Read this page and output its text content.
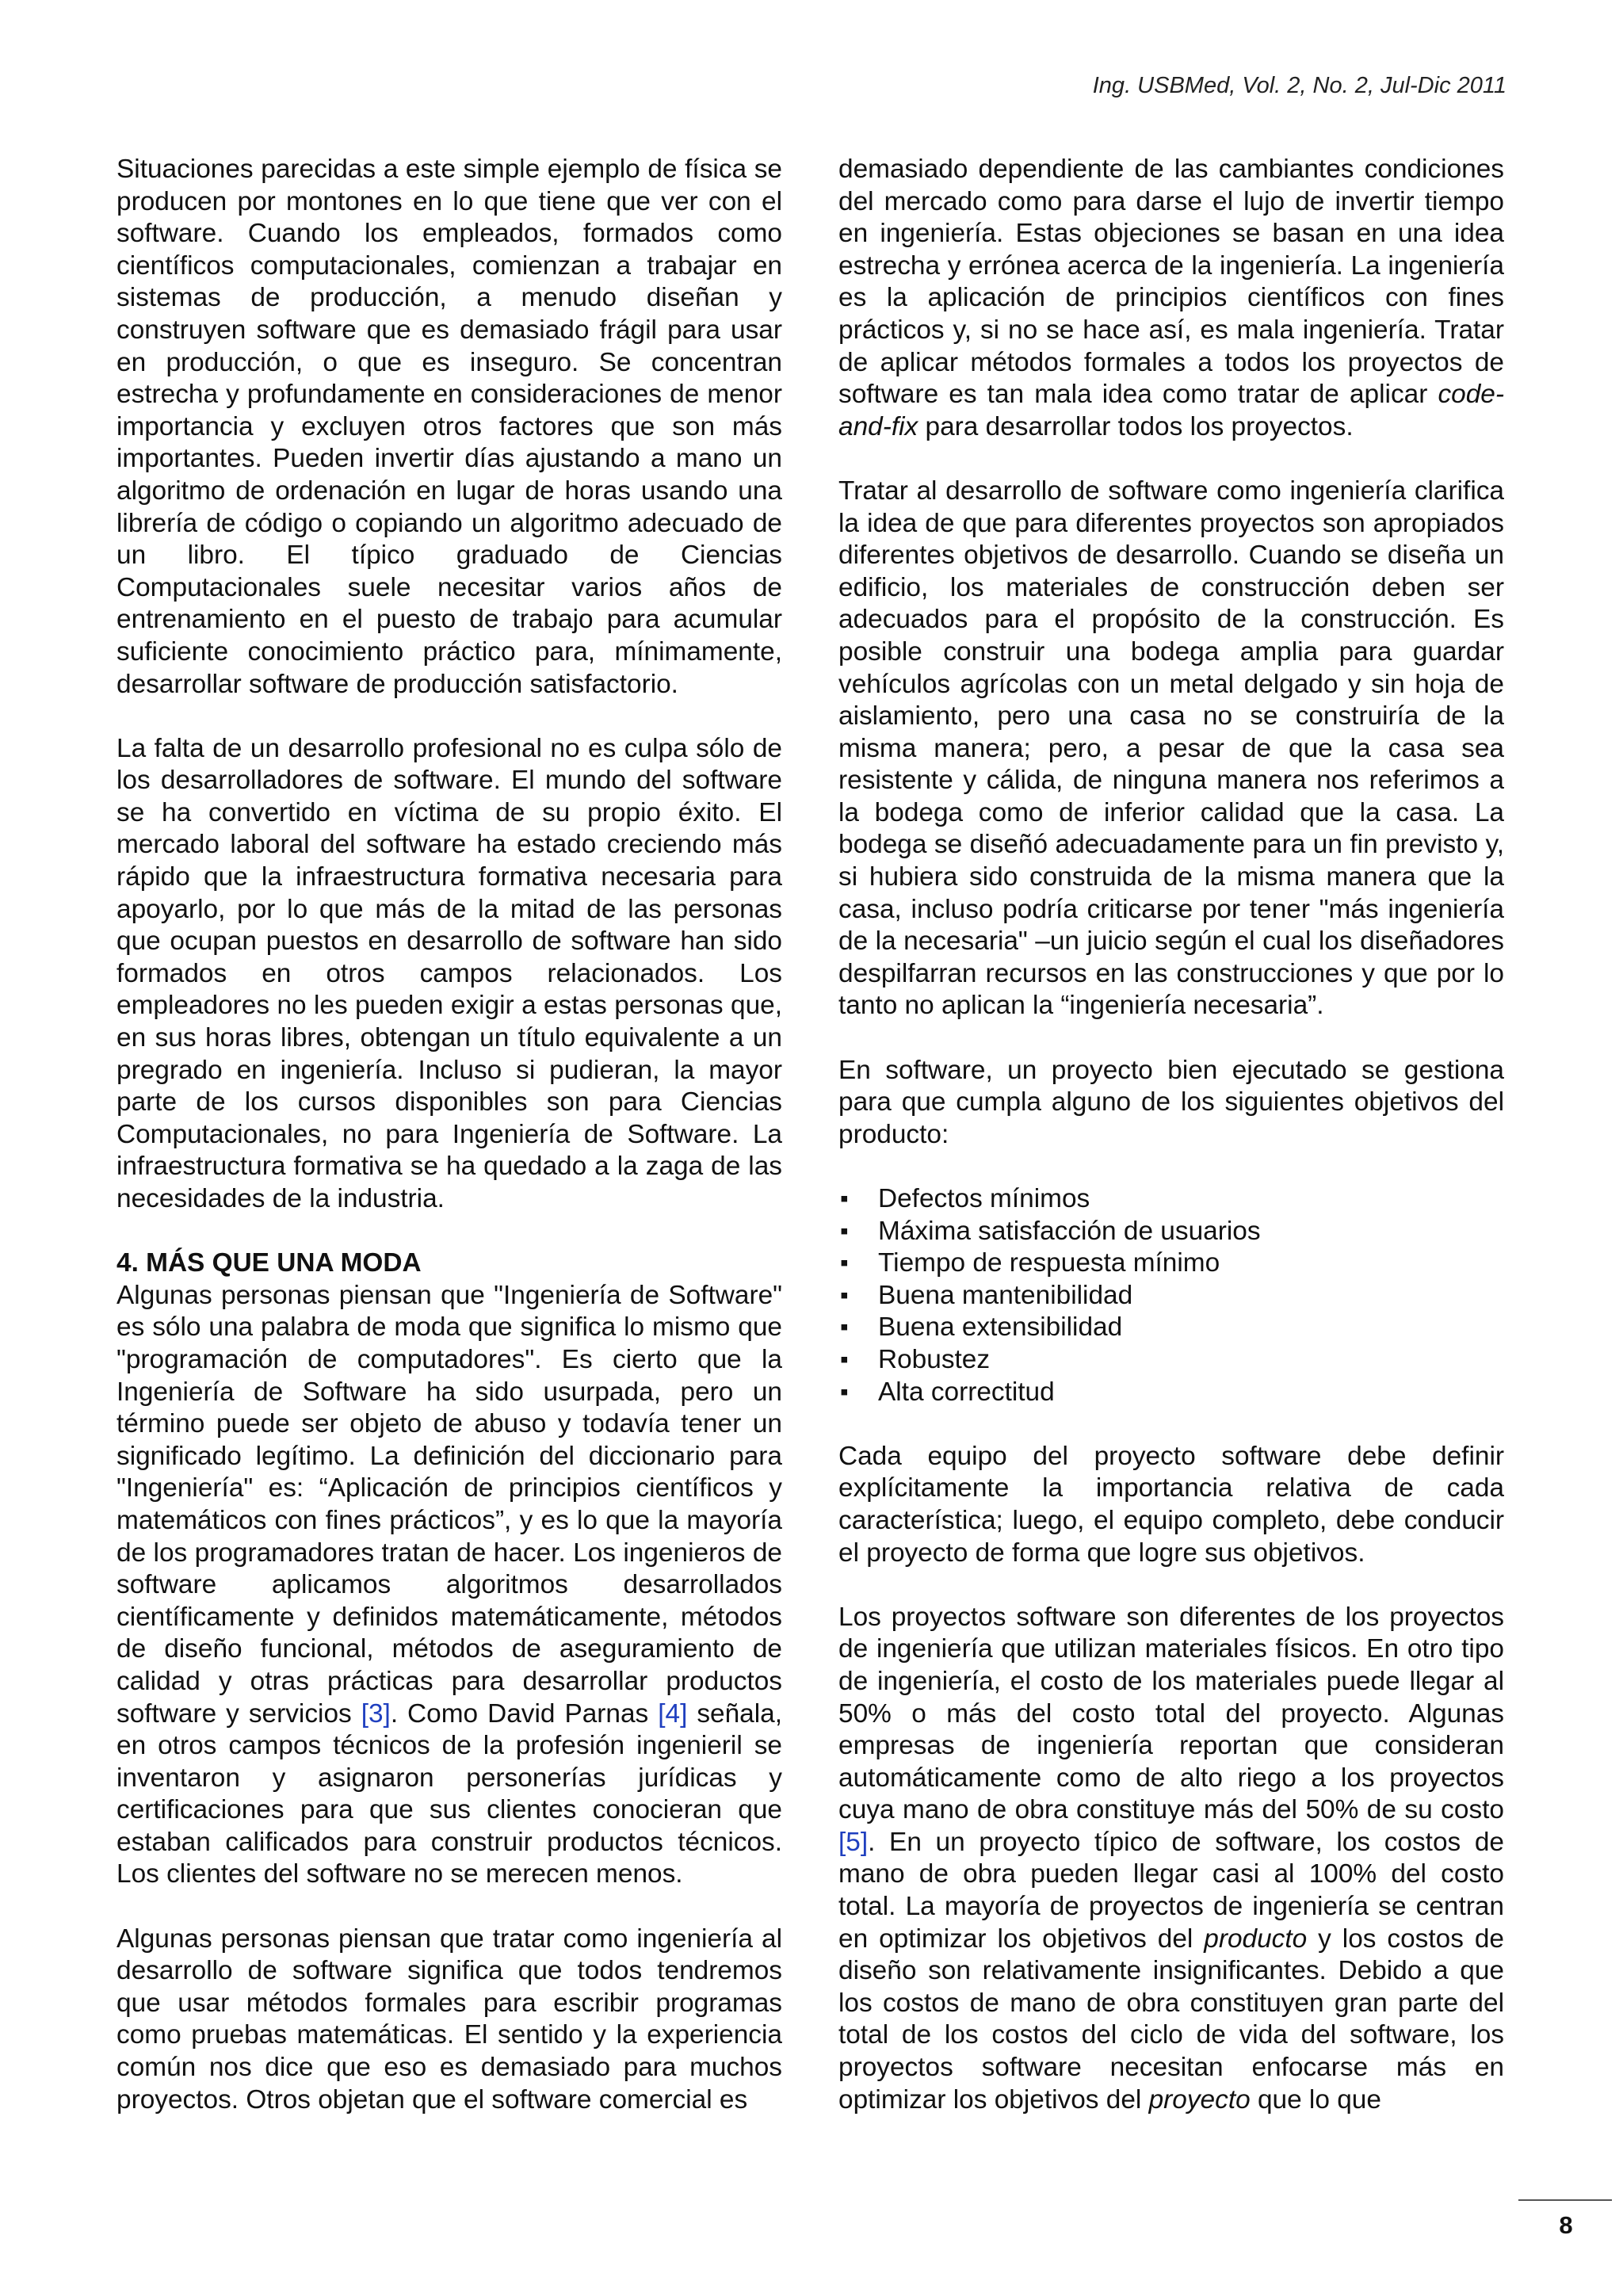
Ing. USBMed, Vol. 2, No. 2, Jul-Dic 2011

Situaciones parecidas a este simple ejemplo de física se producen por montones en lo que tiene que ver con el software. Cuando los empleados, formados como científicos computacionales, comienzan a trabajar en sistemas de producción, a menudo diseñan y construyen software que es demasiado frágil para usar en producción, o que es inseguro. Se concentran estrecha y profundamente en consideraciones de menor importancia y excluyen otros factores que son más importantes. Pueden invertir días ajustando a mano un algoritmo de ordenación en lugar de horas usando una librería de código o copiando un algoritmo adecuado de un libro. El típico graduado de Ciencias Computacionales suele necesitar varios años de entrenamiento en el puesto de trabajo para acumular suficiente conocimiento práctico para, mínimamente, desarrollar software de producción satisfactorio.

La falta de un desarrollo profesional no es culpa sólo de los desarrolladores de software. El mundo del software se ha convertido en víctima de su propio éxito. El mercado laboral del software ha estado creciendo más rápido que la infraestructura formativa necesaria para apoyarlo, por lo que más de la mitad de las personas que ocupan puestos en desarrollo de software han sido formados en otros campos relacionados. Los empleadores no les pueden exigir a estas personas que, en sus horas libres, obtengan un título equivalente a un pregrado en ingeniería. Incluso si pudieran, la mayor parte de los cursos disponibles son para Ciencias Computacionales, no para Ingeniería de Software. La infraestructura formativa se ha quedado a la zaga de las necesidades de la industria.

4. MÁS QUE UNA MODA

Algunas personas piensan que "Ingeniería de Software" es sólo una palabra de moda que significa lo mismo que "programación de computadores". Es cierto que la Ingeniería de Software ha sido usurpada, pero un término puede ser objeto de abuso y todavía tener un significado legítimo. La definición del diccionario para "Ingeniería" es: “Aplicación de principios científicos y matemáticos con fines prácticos”, y es lo que la mayoría de los programadores tratan de hacer. Los ingenieros de software aplicamos algoritmos desarrollados científicamente y definidos matemáticamente, métodos de diseño funcional, métodos de aseguramiento de calidad y otras prácticas para desarrollar productos software y servicios [3]. Como David Parnas [4] señala, en otros campos técnicos de la profesión ingenieril se inventaron y asignaron personerías jurídicas y certificaciones para que sus clientes conocieran que estaban calificados para construir productos técnicos. Los clientes del software no se merecen menos.

Algunas personas piensan que tratar como ingeniería al desarrollo de software significa que todos tendremos que usar métodos formales para escribir programas como pruebas matemáticas. El sentido y la experiencia común nos dice que eso es demasiado para muchos proyectos. Otros objetan que el software comercial es

demasiado dependiente de las cambiantes condiciones del mercado como para darse el lujo de invertir tiempo en ingeniería. Estas objeciones se basan en una idea estrecha y errónea acerca de la ingeniería. La ingeniería es la aplicación de principios científicos con fines prácticos y, si no se hace así, es mala ingeniería. Tratar de aplicar métodos formales a todos los proyectos de software es tan mala idea como tratar de aplicar code-and-fix para desarrollar todos los proyectos.

Tratar al desarrollo de software como ingeniería clarifica la idea de que para diferentes proyectos son apropiados diferentes objetivos de desarrollo. Cuando se diseña un edificio, los materiales de construcción deben ser adecuados para el propósito de la construcción. Es posible construir una bodega amplia para guardar vehículos agrícolas con un metal delgado y sin hoja de aislamiento, pero una casa no se construiría de la misma manera; pero, a pesar de que la casa sea resistente y cálida, de ninguna manera nos referimos a la bodega como de inferior calidad que la casa. La bodega se diseñó adecuadamente para un fin previsto y, si hubiera sido construida de la misma manera que la casa, incluso podría criticarse por tener "más ingeniería de la necesaria" –un juicio según el cual los diseñadores despilfarran recursos en las construcciones y que por lo tanto no aplican la “ingeniería necesaria”.

En software, un proyecto bien ejecutado se gestiona para que cumpla alguno de los siguientes objetivos del producto:

▪ Defectos mínimos
▪ Máxima satisfacción de usuarios
▪ Tiempo de respuesta mínimo
▪ Buena mantenibilidad
▪ Buena extensibilidad
▪ Robustez
▪ Alta correctitud

Cada equipo del proyecto software debe definir explícitamente la importancia relativa de cada característica; luego, el equipo completo, debe conducir el proyecto de forma que logre sus objetivos.

Los proyectos software son diferentes de los proyectos de ingeniería que utilizan materiales físicos. En otro tipo de ingeniería, el costo de los materiales puede llegar al 50% o más del costo total del proyecto. Algunas empresas de ingeniería reportan que consideran automáticamente como de alto riego a los proyectos cuya mano de obra constituye más del 50% de su costo [5]. En un proyecto típico de software, los costos de mano de obra pueden llegar casi al 100% del costo total. La mayoría de proyectos de ingeniería se centran en optimizar los objetivos del producto y los costos de diseño son relativamente insignificantes. Debido a que los costos de mano de obra constituyen gran parte del total de los costos del ciclo de vida del software, los proyectos software necesitan enfocarse más en optimizar los objetivos del proyecto que lo que

8
